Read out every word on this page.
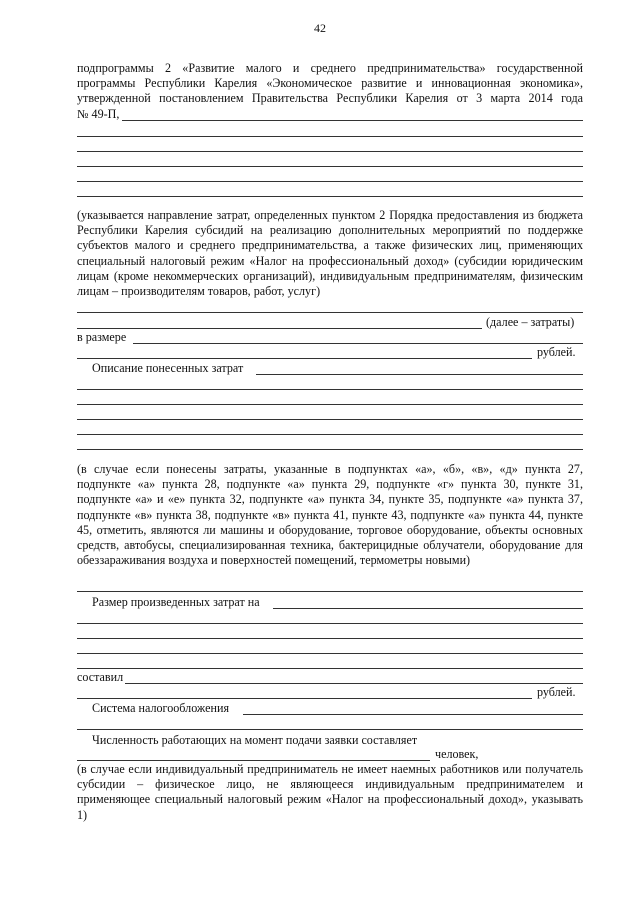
42

подпрограммы 2 «Развитие малого и среднего предпринимательства» государственной программы Республики Карелия «Экономическое развитие и инновационная экономика», утвержденной постановлением Правительства Республики Карелия от 3 марта 2014 года

№ 49-П,

(указывается направление затрат, определенных пунктом 2 Порядка предоставления из бюджета Республики Карелия субсидий на реализацию дополнительных мероприятий по поддержке субъектов малого и среднего предпринимательства, а также физических лиц, применяющих специальный налоговый режим «Налог на профессиональный доход» (субсидии юридическим лицам (кроме некоммерческих организаций), индивидуальным предпринимателям, физическим лицам – производителям товаров, работ, услуг)

(далее – затраты)
в размере
рублей.
Описание понесенных затрат

(в случае если понесены затраты, указанные в подпунктах «а», «б», «в», «д» пункта 27, подпункте «а» пункта 28, подпункте «а» пункта 29, подпункте «г» пункта 30, пункте 31, подпункте «а» и «е» пункта 32, подпункте «а» пункта 34, пункте 35, подпункте «а» пункта 37, подпункте «в» пункта 38, подпункте «в» пункта 41, пункте 43, подпункте «а» пункта 44, пункте 45, отметить, являются ли машины и оборудование, торговое оборудование, объекты основных средств, автобусы, специализированная техника, бактерицидные облучатели, оборудование для обеззараживания воздуха и поверхностей помещений, термометры новыми)

Размер произведенных затрат на
составил
рублей.
Система налогообложения
Численность работающих на момент подачи заявки составляет
человек,

(в случае если индивидуальный предприниматель не имеет наемных работников или получатель субсидии – физическое лицо, не являющееся индивидуальным предпринимателем и применяющее специальный налоговый режим «Налог на профессиональный доход», указывать 1)
